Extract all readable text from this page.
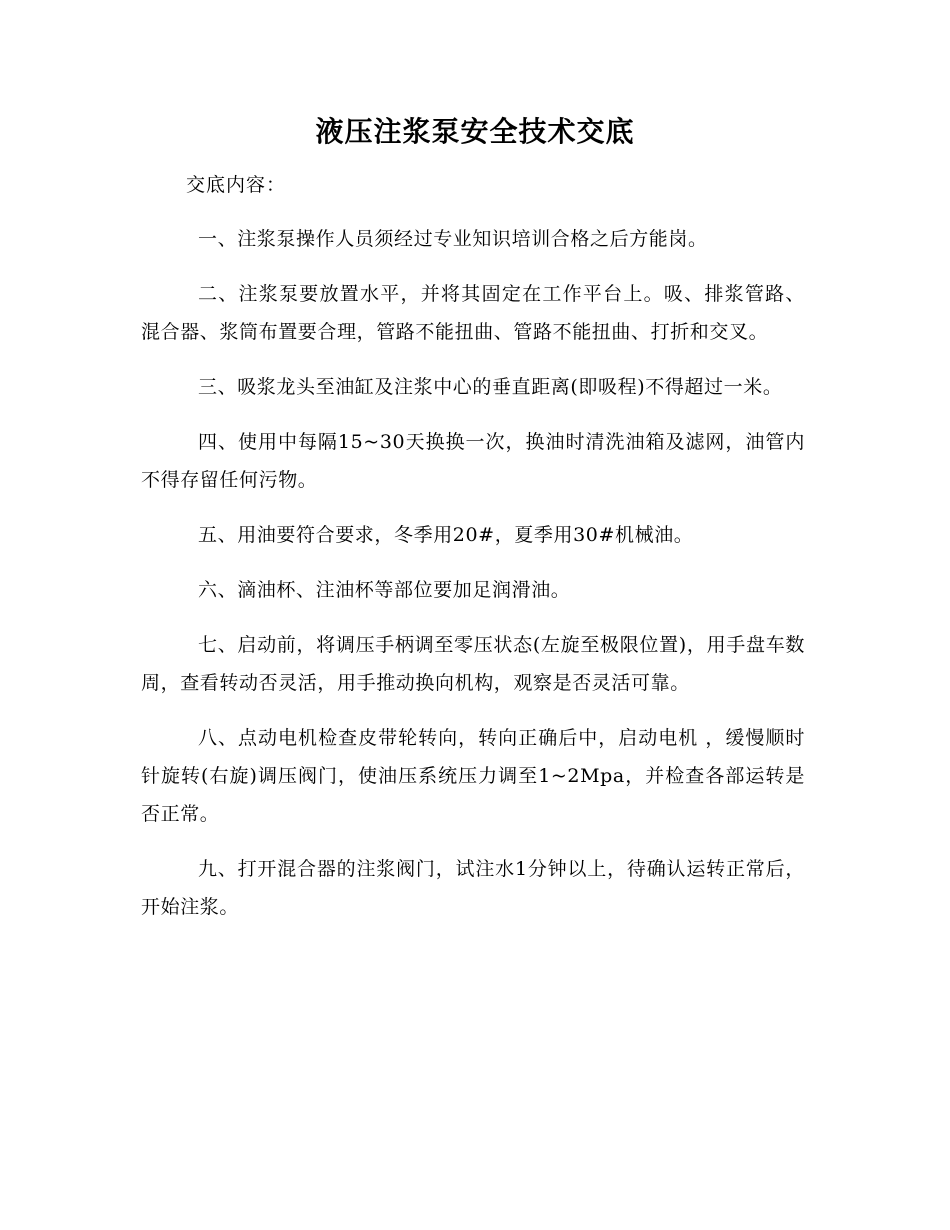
液压注浆泵安全技术交底
交底内容：

一、注浆泵操作人员须经过专业知识培训合格之后方能岗。

二、注浆泵要放置水平，并将其固定在工作平台上。吸、排浆管路、混合器、浆筒布置要合理，管路不能扭曲、管路不能扭曲、打折和交叉。

三、吸浆龙头至油缸及注浆中心的垂直距离(即吸程)不得超过一米。

四、使用中每隔15~30天换换一次，换油时清洗油箱及滤网，油管内不得存留任何污物。

五、用油要符合要求，冬季用20#，夏季用30#机械油。

六、滴油杯、注油杯等部位要加足润滑油。

七、启动前，将调压手柄调至零压状态(左旋至极限位置)，用手盘车数周，查看转动否灵活，用手推动换向机构，观察是否灵活可靠。

八、点动电机检查皮带轮转向，转向正确后中，启动电机 ，缓慢顺时针旋转(右旋)调压阀门，使油压系统压力调至1~2Mpa，并检查各部运转是否正常。

九、打开混合器的注浆阀门，试注水1分钟以上，待确认运转正常后，开始注浆。
